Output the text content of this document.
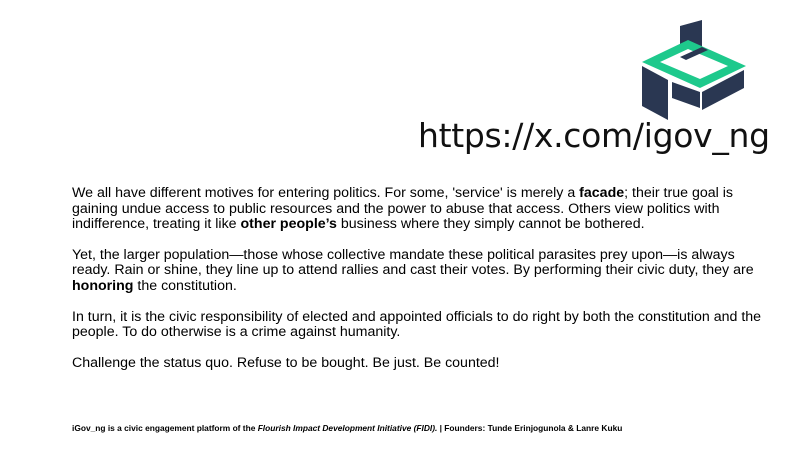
https://x.com/igov_ng

We all have different motives for entering politics. For some, 'service' is merely a facade; their true goal is gaining undue access to public resources and the power to abuse that access. Others view politics with indifference, treating it like other people’s business where they simply cannot be bothered.

Yet, the larger population—those whose collective mandate these political parasites prey upon—is always ready. Rain or shine, they line up to attend rallies and cast their votes. By performing their civic duty, they are honoring the constitution.

In turn, it is the civic responsibility of elected and appointed officials to do right by both the constitution and the people. To do otherwise is a crime against humanity.

Challenge the status quo. Refuse to be bought. Be just. Be counted!

iGov_ng is a civic engagement platform of the Flourish Impact Development Initiative (FIDI). | Founders: Tunde Erinjogunola & Lanre Kuku
